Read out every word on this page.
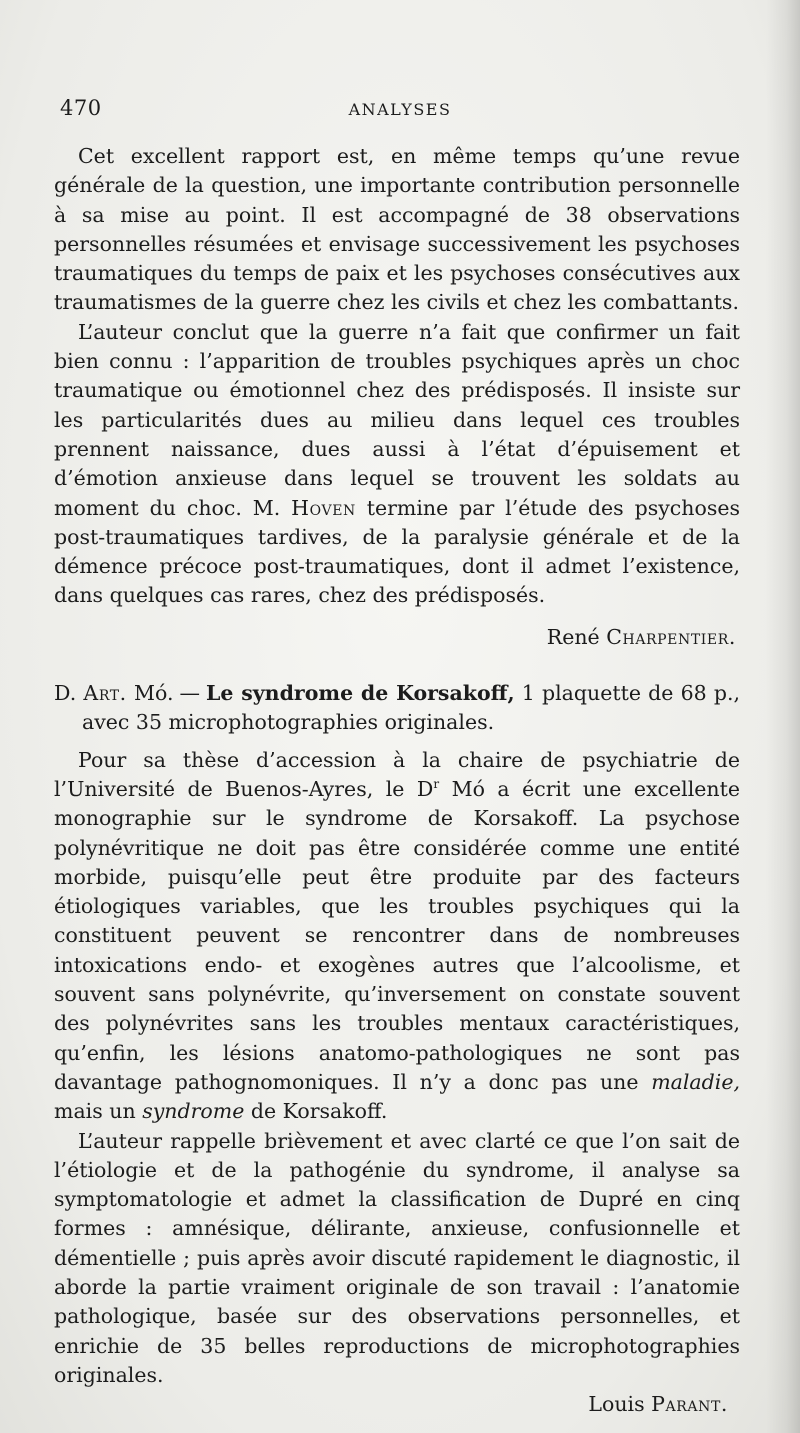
470	ANALYSES

Cet excellent rapport est, en même temps qu’une revue générale de la question, une importante contribution personnelle à sa mise au point. Il est accompagné de 38 observations personnelles résumées et envisage successivement les psychoses traumatiques du temps de paix et les psychoses consécutives aux traumatismes de la guerre chez les civils et chez les combattants.

L’auteur conclut que la guerre n’a fait que confirmer un fait bien connu : l’apparition de troubles psychiques après un choc traumatique ou émotionnel chez des prédisposés. Il insiste sur les particularités dues au milieu dans lequel ces troubles prennent naissance, dues aussi à l’état d’épuisement et d’émotion anxieuse dans lequel se trouvent les soldats au moment du choc. M. Hoven termine par l’étude des psychoses post-traumatiques tardives, de la paralysie générale et de la démence précoce post-traumatiques, dont il admet l’existence, dans quelques cas rares, chez des prédisposés.

René Charpentier.

D. Art. Mó. — Le syndrome de Korsakoff, 1 plaquette de 68 p., avec 35 microphotographies originales.

Pour sa thèse d’accession à la chaire de psychiatrie de l’Université de Buenos-Ayres, le $D^r$ Mó a écrit une excellente monographie sur le syndrome de Korsakoff. La psychose polynévritique ne doit pas être considérée comme une entité morbide, puisqu’elle peut être produite par des facteurs étiologiques variables, que les troubles psychiques qui la constituent peuvent se rencontrer dans de nombreuses intoxications endo- et exogènes autres que l’alcoolisme, et souvent sans polynévrite, qu’inversement on constate souvent des polynévrites sans les troubles mentaux caractéristiques, qu’enfin, les lésions anatomo-pathologiques ne sont pas davantage pathognomoniques. Il n’y a donc pas une maladie, mais un syndrome de Korsakoff.

L’auteur rappelle brièvement et avec clarté ce que l’on sait de l’étiologie et de la pathogénie du syndrome, il analyse sa symptomatologie et admet la classification de Dupré en cinq formes : amnésique, délirante, anxieuse, confusionnelle et démentielle ; puis après avoir discuté rapidement le diagnostic, il aborde la partie vraiment originale de son travail : l’anatomie pathologique, basée sur des observations personnelles, et enrichie de 35 belles reproductions de microphotographies originales.

Louis Parant.
